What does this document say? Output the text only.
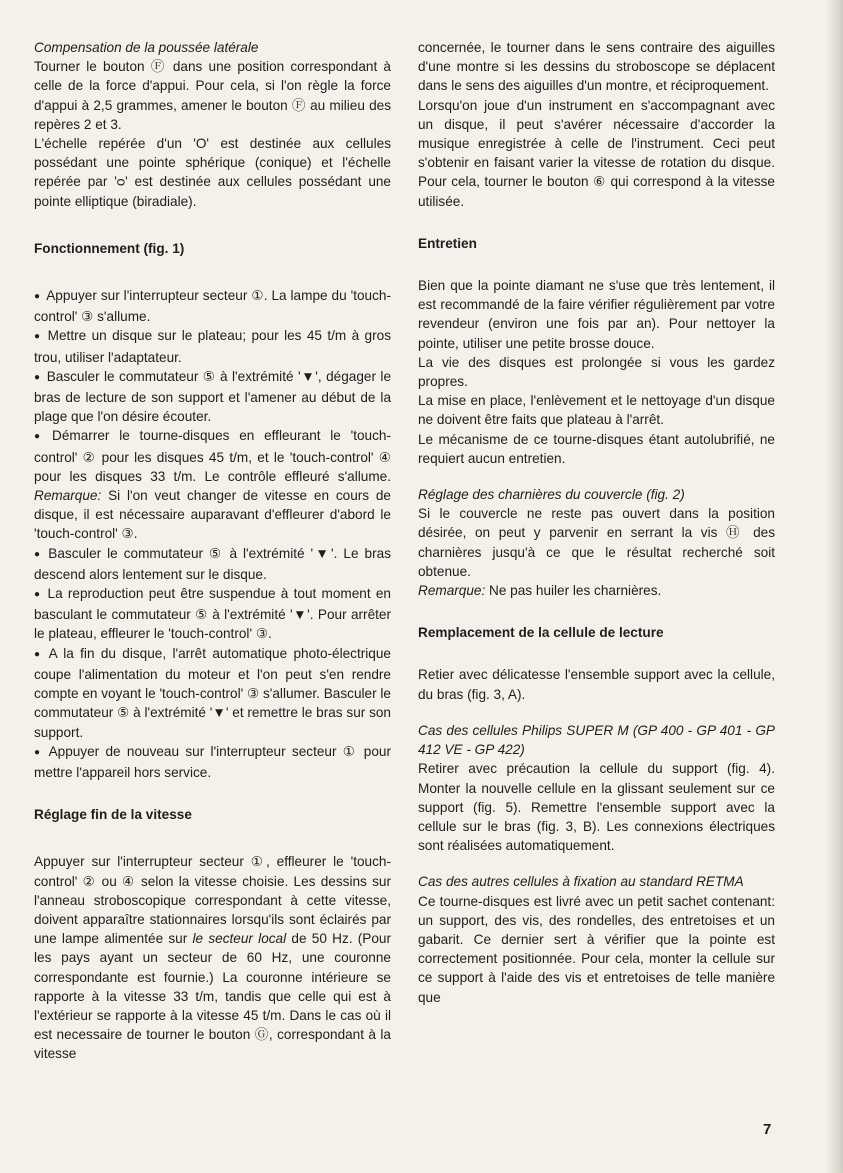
Compensation de la poussée latérale

Tourner le bouton Ⓕ dans une position correspondant à celle de la force d'appui. Pour cela, si l'on règle la force d'appui à 2,5 grammes, amener le bouton Ⓕ au milieu des repères 2 et 3.

L'échelle repérée d'un 'O' est destinée aux cellules possédant une pointe sphérique (conique) et l'échelle repérée par 'ᴑ' est destinée aux cellules possédant une pointe elliptique (biradiale).

Fonctionnement (fig. 1)

● Appuyer sur l'interrupteur secteur ①. La lampe du 'touch-control' ③ s'allume.

● Mettre un disque sur le plateau; pour les 45 t/m à gros trou, utiliser l'adaptateur.

● Basculer le commutateur ⑤ à l'extrémité '▼', dégager le bras de lecture de son support et l'amener au début de la plage que l'on désire écouter.

● Démarrer le tourne-disques en effleurant le 'touch-control' ② pour les disques 45 t/m, et le 'touch-control' ④ pour les disques 33 t/m. Le contrôle effleuré s'allume. Remarque: Si l'on veut changer de vitesse en cours de disque, il est nécessaire auparavant d'effleurer d'abord le 'touch-control' ③.

● Basculer le commutateur ⑤ à l'extrémité '▼'. Le bras descend alors lentement sur le disque.

● La reproduction peut être suspendue à tout moment en basculant le commutateur ⑤ à l'extrémité '▼'. Pour arrêter le plateau, effleurer le 'touch-control' ③.

● A la fin du disque, l'arrêt automatique photo-électrique coupe l'alimentation du moteur et l'on peut s'en rendre compte en voyant le 'touch-control' ③ s'allumer. Basculer le commutateur ⑤ à l'extrémité '▼' et remettre le bras sur son support.

● Appuyer de nouveau sur l'interrupteur secteur ① pour mettre l'appareil hors service.

Réglage fin de la vitesse

Appuyer sur l'interrupteur secteur ①, effleurer le 'touch-control' ② ou ④ selon la vitesse choisie. Les dessins sur l'anneau stroboscopique correspondant à cette vitesse, doivent apparaître stationnaires lorsqu'ils sont éclairés par une lampe alimentée sur le secteur local de 50 Hz. (Pour les pays ayant un secteur de 60 Hz, une couronne correspondante est fournie.) La couronne intérieure se rapporte à la vitesse 33 t/m, tandis que celle qui est à l'extérieur se rapporte à la vitesse 45 t/m. Dans le cas où il est necessaire de tourner le bouton Ⓖ, correspondant à la vitesse

concernée, le tourner dans le sens contraire des aiguilles d'une montre si les dessins du stroboscope se déplacent dans le sens des aiguilles d'un montre, et réciproquement.

Lorsqu'on joue d'un instrument en s'accompagnant avec un disque, il peut s'avérer nécessaire d'accorder la musique enregistrée à celle de l'instrument. Ceci peut s'obtenir en faisant varier la vitesse de rotation du disque. Pour cela, tourner le bouton ⑥ qui correspond à la vitesse utilisée.

Entretien

Bien que la pointe diamant ne s'use que très lentement, il est recommandé de la faire vérifier régulièrement par votre revendeur (environ une fois par an). Pour nettoyer la pointe, utiliser une petite brosse douce.

La vie des disques est prolongée si vous les gardez propres.

La mise en place, l'enlèvement et le nettoyage d'un disque ne doivent être faits que plateau à l'arrêt.

Le mécanisme de ce tourne-disques étant autolubrifié, ne requiert aucun entretien.

Réglage des charnières du couvercle (fig. 2)

Si le couvercle ne reste pas ouvert dans la position désirée, on peut y parvenir en serrant la vis Ⓗ des charnières jusqu'à ce que le résultat recherché soit obtenue.

Remarque: Ne pas huiler les charnières.

Remplacement de la cellule de lecture

Retier avec délicatesse l'ensemble support avec la cellule, du bras (fig. 3, A).

Cas des cellules Philips SUPER M (GP 400 - GP 401 - GP 412 VE - GP 422)

Retirer avec précaution la cellule du support (fig. 4). Monter la nouvelle cellule en la glissant seulement sur ce support (fig. 5). Remettre l'ensemble support avec la cellule sur le bras (fig. 3, B). Les connexions électriques sont réalisées automatiquement.

Cas des autres cellules à fixation au standard RETMA

Ce tourne-disques est livré avec un petit sachet contenant: un support, des vis, des rondelles, des entretoises et un gabarit. Ce dernier sert à vérifier que la pointe est correctement positionnée. Pour cela, monter la cellule sur ce support à l'aide des vis et entretoises de telle manière que

7
